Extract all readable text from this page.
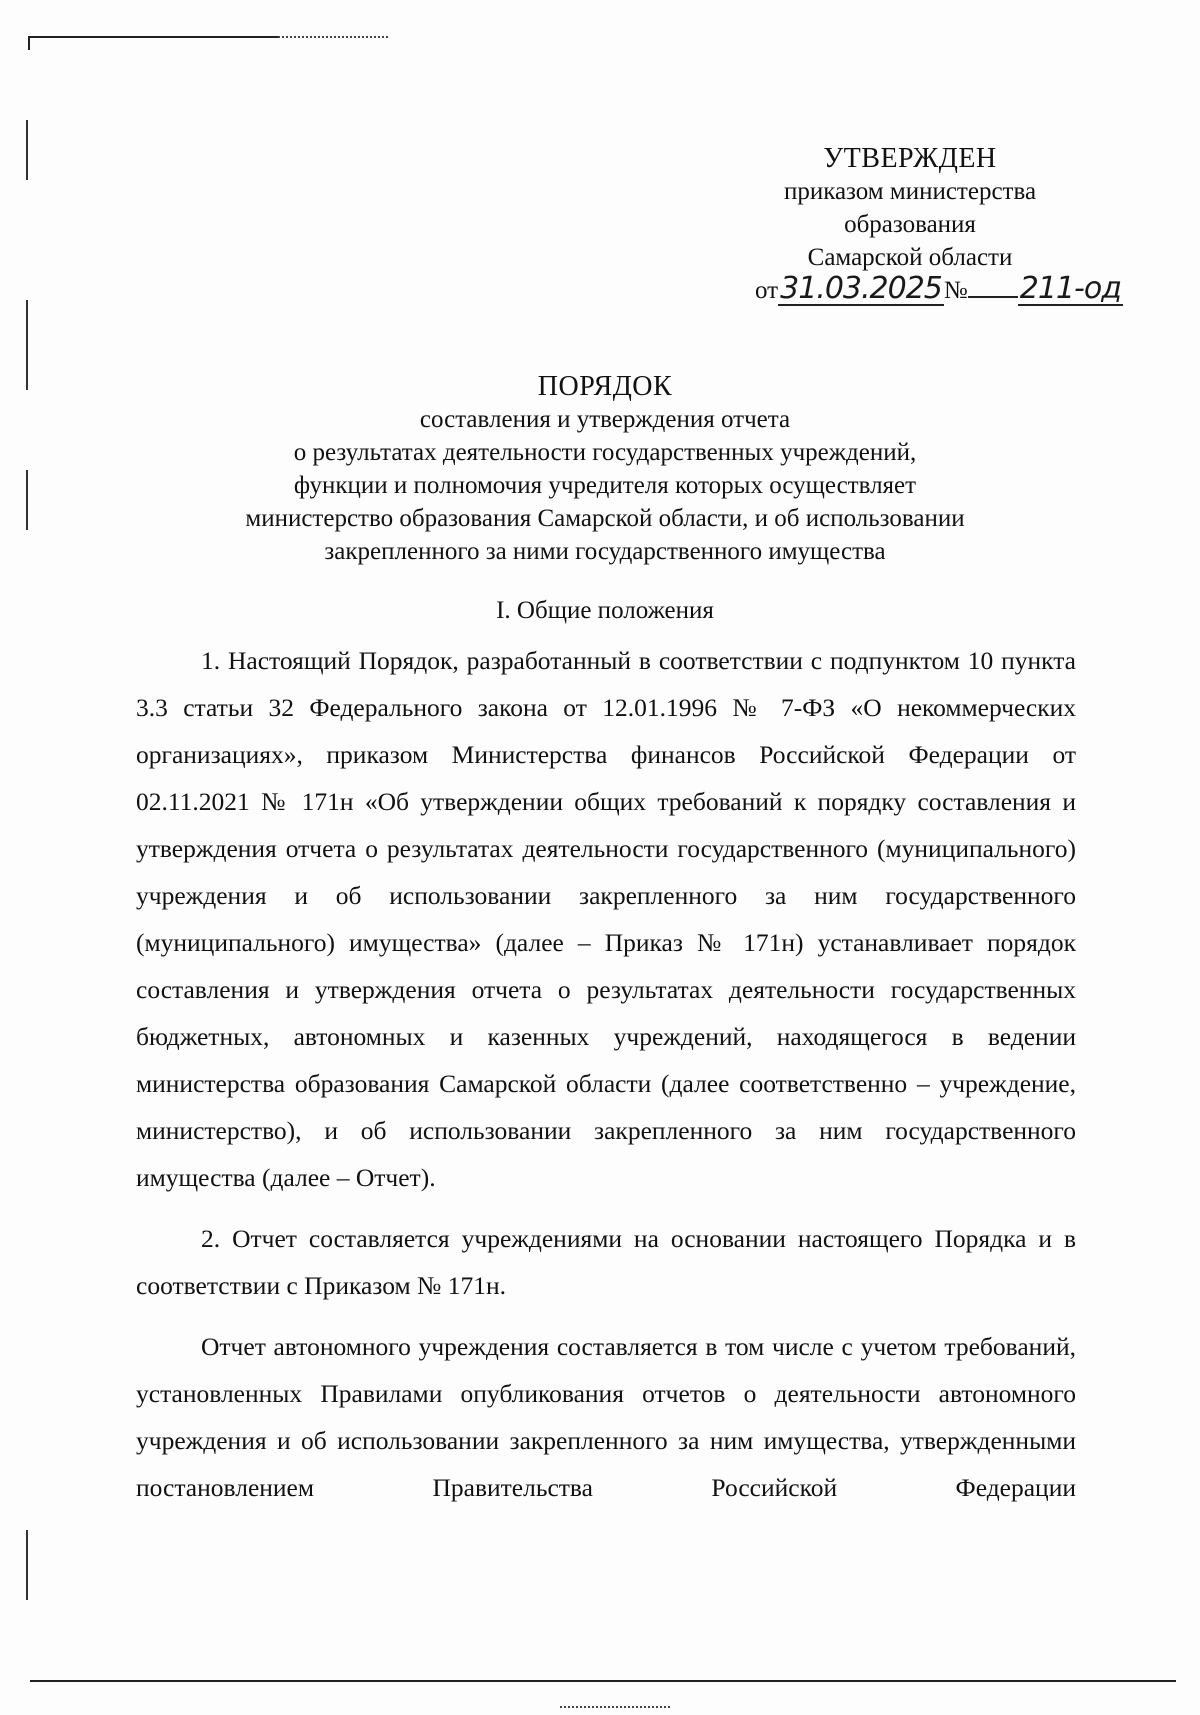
УТВЕРЖДЕН
приказом министерства
образования
Самарской области
от31.03.2025№ 211-од
ПОРЯДОК
составления и утверждения отчета
о результатах деятельности государственных учреждений,
функции и полномочия учредителя которых осуществляет
министерство образования Самарской области, и об использовании
закрепленного за ними государственного имущества
I. Общие положения

1. Настоящий Порядок, разработанный в соответствии с подпунктом 10 пункта 3.3 статьи 32 Федерального закона от 12.01.1996 № 7-ФЗ «О некоммерческих организациях», приказом Министерства финансов Российской Федерации от 02.11.2021 № 171н «Об утверждении общих требований к порядку составления и утверждения отчета о результатах деятельности государственного (муниципального) учреждения и об использовании закрепленного за ним государственного (муниципального) имущества» (далее – Приказ № 171н) устанавливает порядок составления и утверждения отчета о результатах деятельности государственных бюджетных, автономных и казенных учреждений, находящегося в ведении министерства образования Самарской области (далее соответственно – учреждение, министерство), и об использовании закрепленного за ним государственного имущества (далее – Отчет).

2. Отчет составляется учреждениями на основании настоящего Порядка и в соответствии с Приказом № 171н.

Отчет автономного учреждения составляется в том числе с учетом требований, установленных Правилами опубликования отчетов о деятельности автономного учреждения и об использовании закрепленного за ним имущества, утвержденными постановлением Правительства Российской Федерации
